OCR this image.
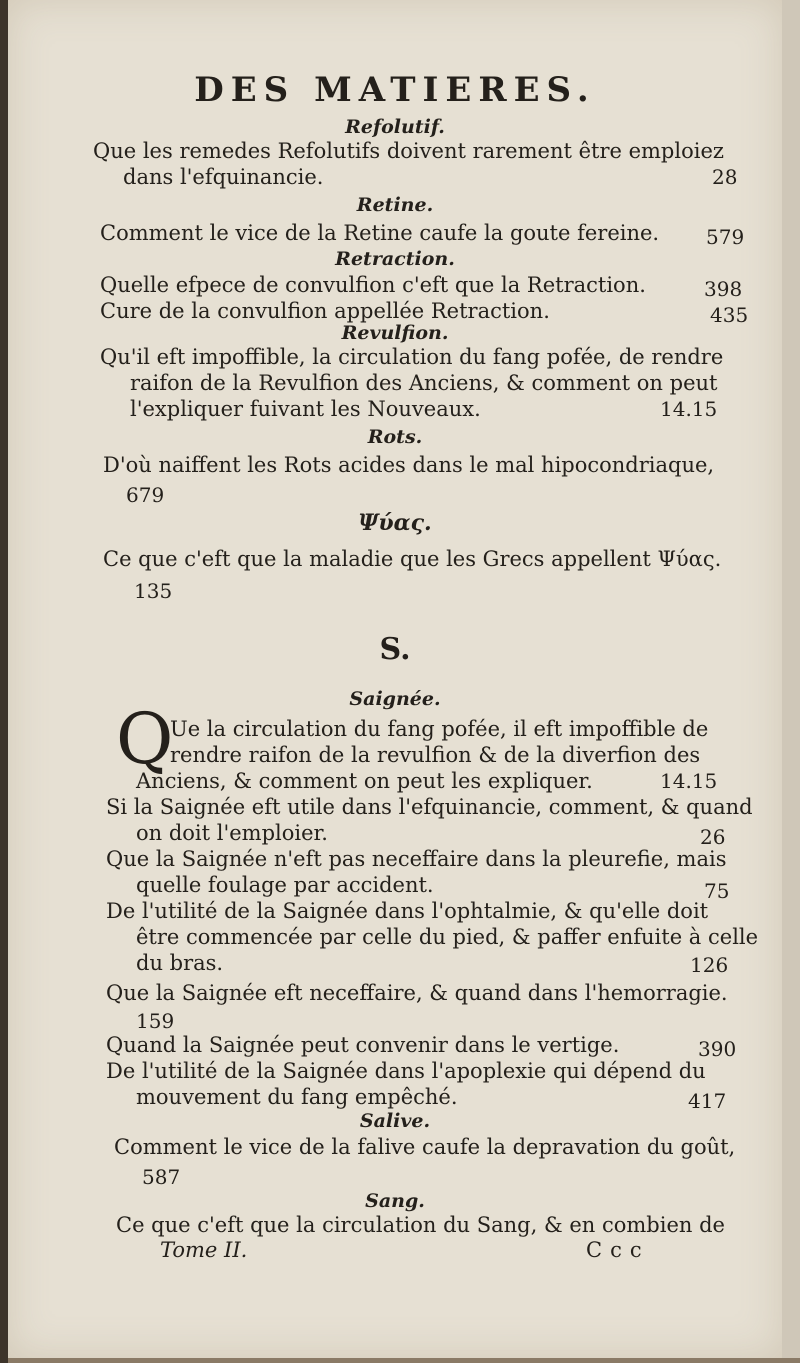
DES MATIERES.
Refolutif.
Que les remedes Refolutifs doivent rarement être emploiez
dans l'efquinancie.	28
Retine.
Comment le vice de la Retine caufe la goute fereine. 579
Retraction.
Quelle efpece de convulfion c'eft que la Retraction.	398
Cure de la convulfion appellée Retraction.	435
Revulfion.
Qu'il eft impoffible, la circulation du fang pofée, de rendre
raifon de la Revulfion des Anciens, & comment on peut
l'expliquer fuivant les Nouveaux.	14.15
Rots.
D'où naiffent les Rots acides dans le mal hipocondriaque,
679
Ψύας.
Ce que c'eft que la maladie que les Grecs appellent Ψύας.
135
S.
Saignée.
Q
Ue la circulation du fang pofée, il eft impoffible de
rendre raifon de la revulfion & de la diverfion des
Anciens, & comment on peut les expliquer.	14.15
Si la Saignée eft utile dans l'efquinancie, comment, & quand
on doit l'emploier.	26
Que la Saignée n'eft pas neceffaire dans la pleurefie, mais
quelle foulage par accident.	75
De l'utilité de la Saignée dans l'ophtalmie, & qu'elle doit
être commencée par celle du pied, & paffer enfuite à celle
du bras.	126
Que la Saignée eft neceffaire, & quand dans l'hemorragie.
159
Quand la Saignée peut convenir dans le vertige.	390
De l'utilité de la Saignée dans l'apoplexie qui dépend du
mouvement du fang empêché.	417
Salive.
Comment le vice de la falive caufe la depravation du goût,
587
Sang.
Ce que c'eft que la circulation du Sang, & en combien de
Tome II.	Ccc
